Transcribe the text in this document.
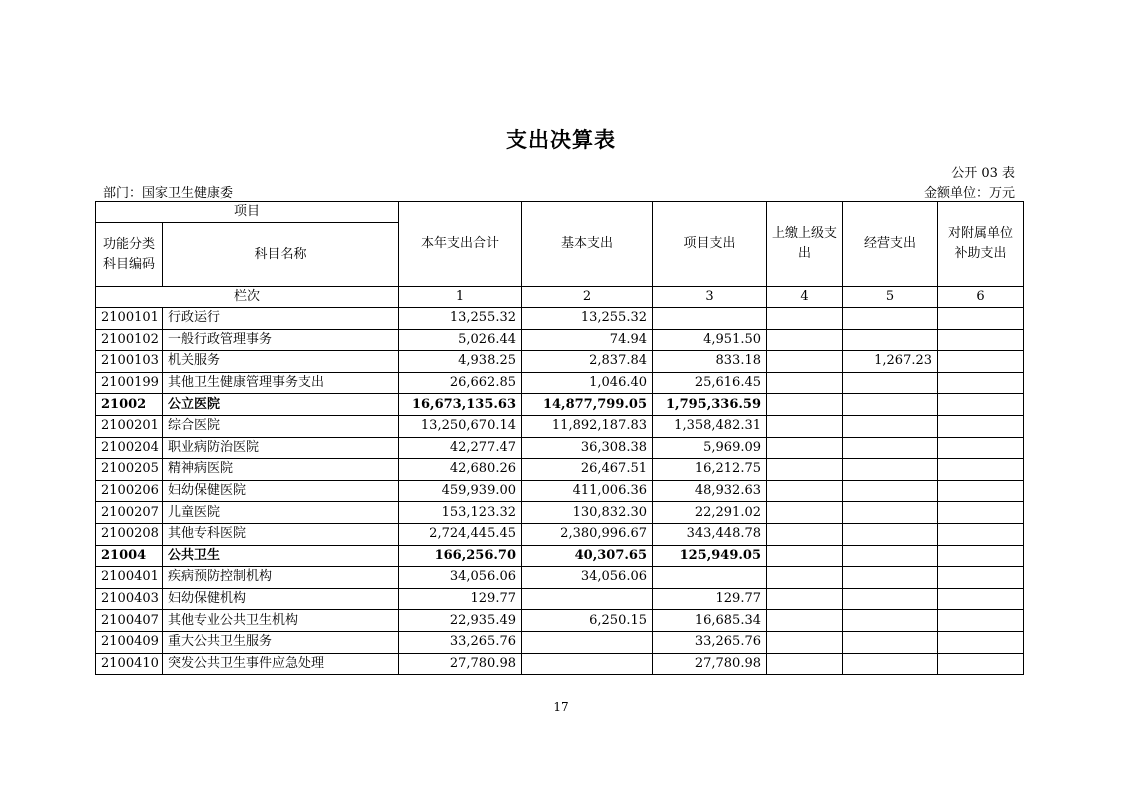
支出决算表
公开 03 表
部门：国家卫生健康委	金额单位：万元
项目		本年支出合计	基本支出	项目支出	上缴上级支出	经营支出	对附属单位补助支出
功能分类科目编码	科目名称						
栏次		1	2	3	4	5	6
2100101	行政运行	13,255.32	13,255.32				
2100102	一般行政管理事务	5,026.44	74.94	4,951.50			
2100103	机关服务	4,938.25	2,837.84	833.18		1,267.23	
2100199	其他卫生健康管理事务支出	26,662.85	1,046.40	25,616.45			
21002	公立医院	16,673,135.63	14,877,799.05	1,795,336.59			
2100201	综合医院	13,250,670.14	11,892,187.83	1,358,482.31			
2100204	职业病防治医院	42,277.47	36,308.38	5,969.09			
2100205	精神病医院	42,680.26	26,467.51	16,212.75			
2100206	妇幼保健医院	459,939.00	411,006.36	48,932.63			
2100207	儿童医院	153,123.32	130,832.30	22,291.02			
2100208	其他专科医院	2,724,445.45	2,380,996.67	343,448.78			
21004	公共卫生	166,256.70	40,307.65	125,949.05			
2100401	疾病预防控制机构	34,056.06	34,056.06				
2100403	妇幼保健机构	129.77		129.77			
2100407	其他专业公共卫生机构	22,935.49	6,250.15	16,685.34			
2100409	重大公共卫生服务	33,265.76		33,265.76			
2100410	突发公共卫生事件应急处理	27,780.98		27,780.98			
17
